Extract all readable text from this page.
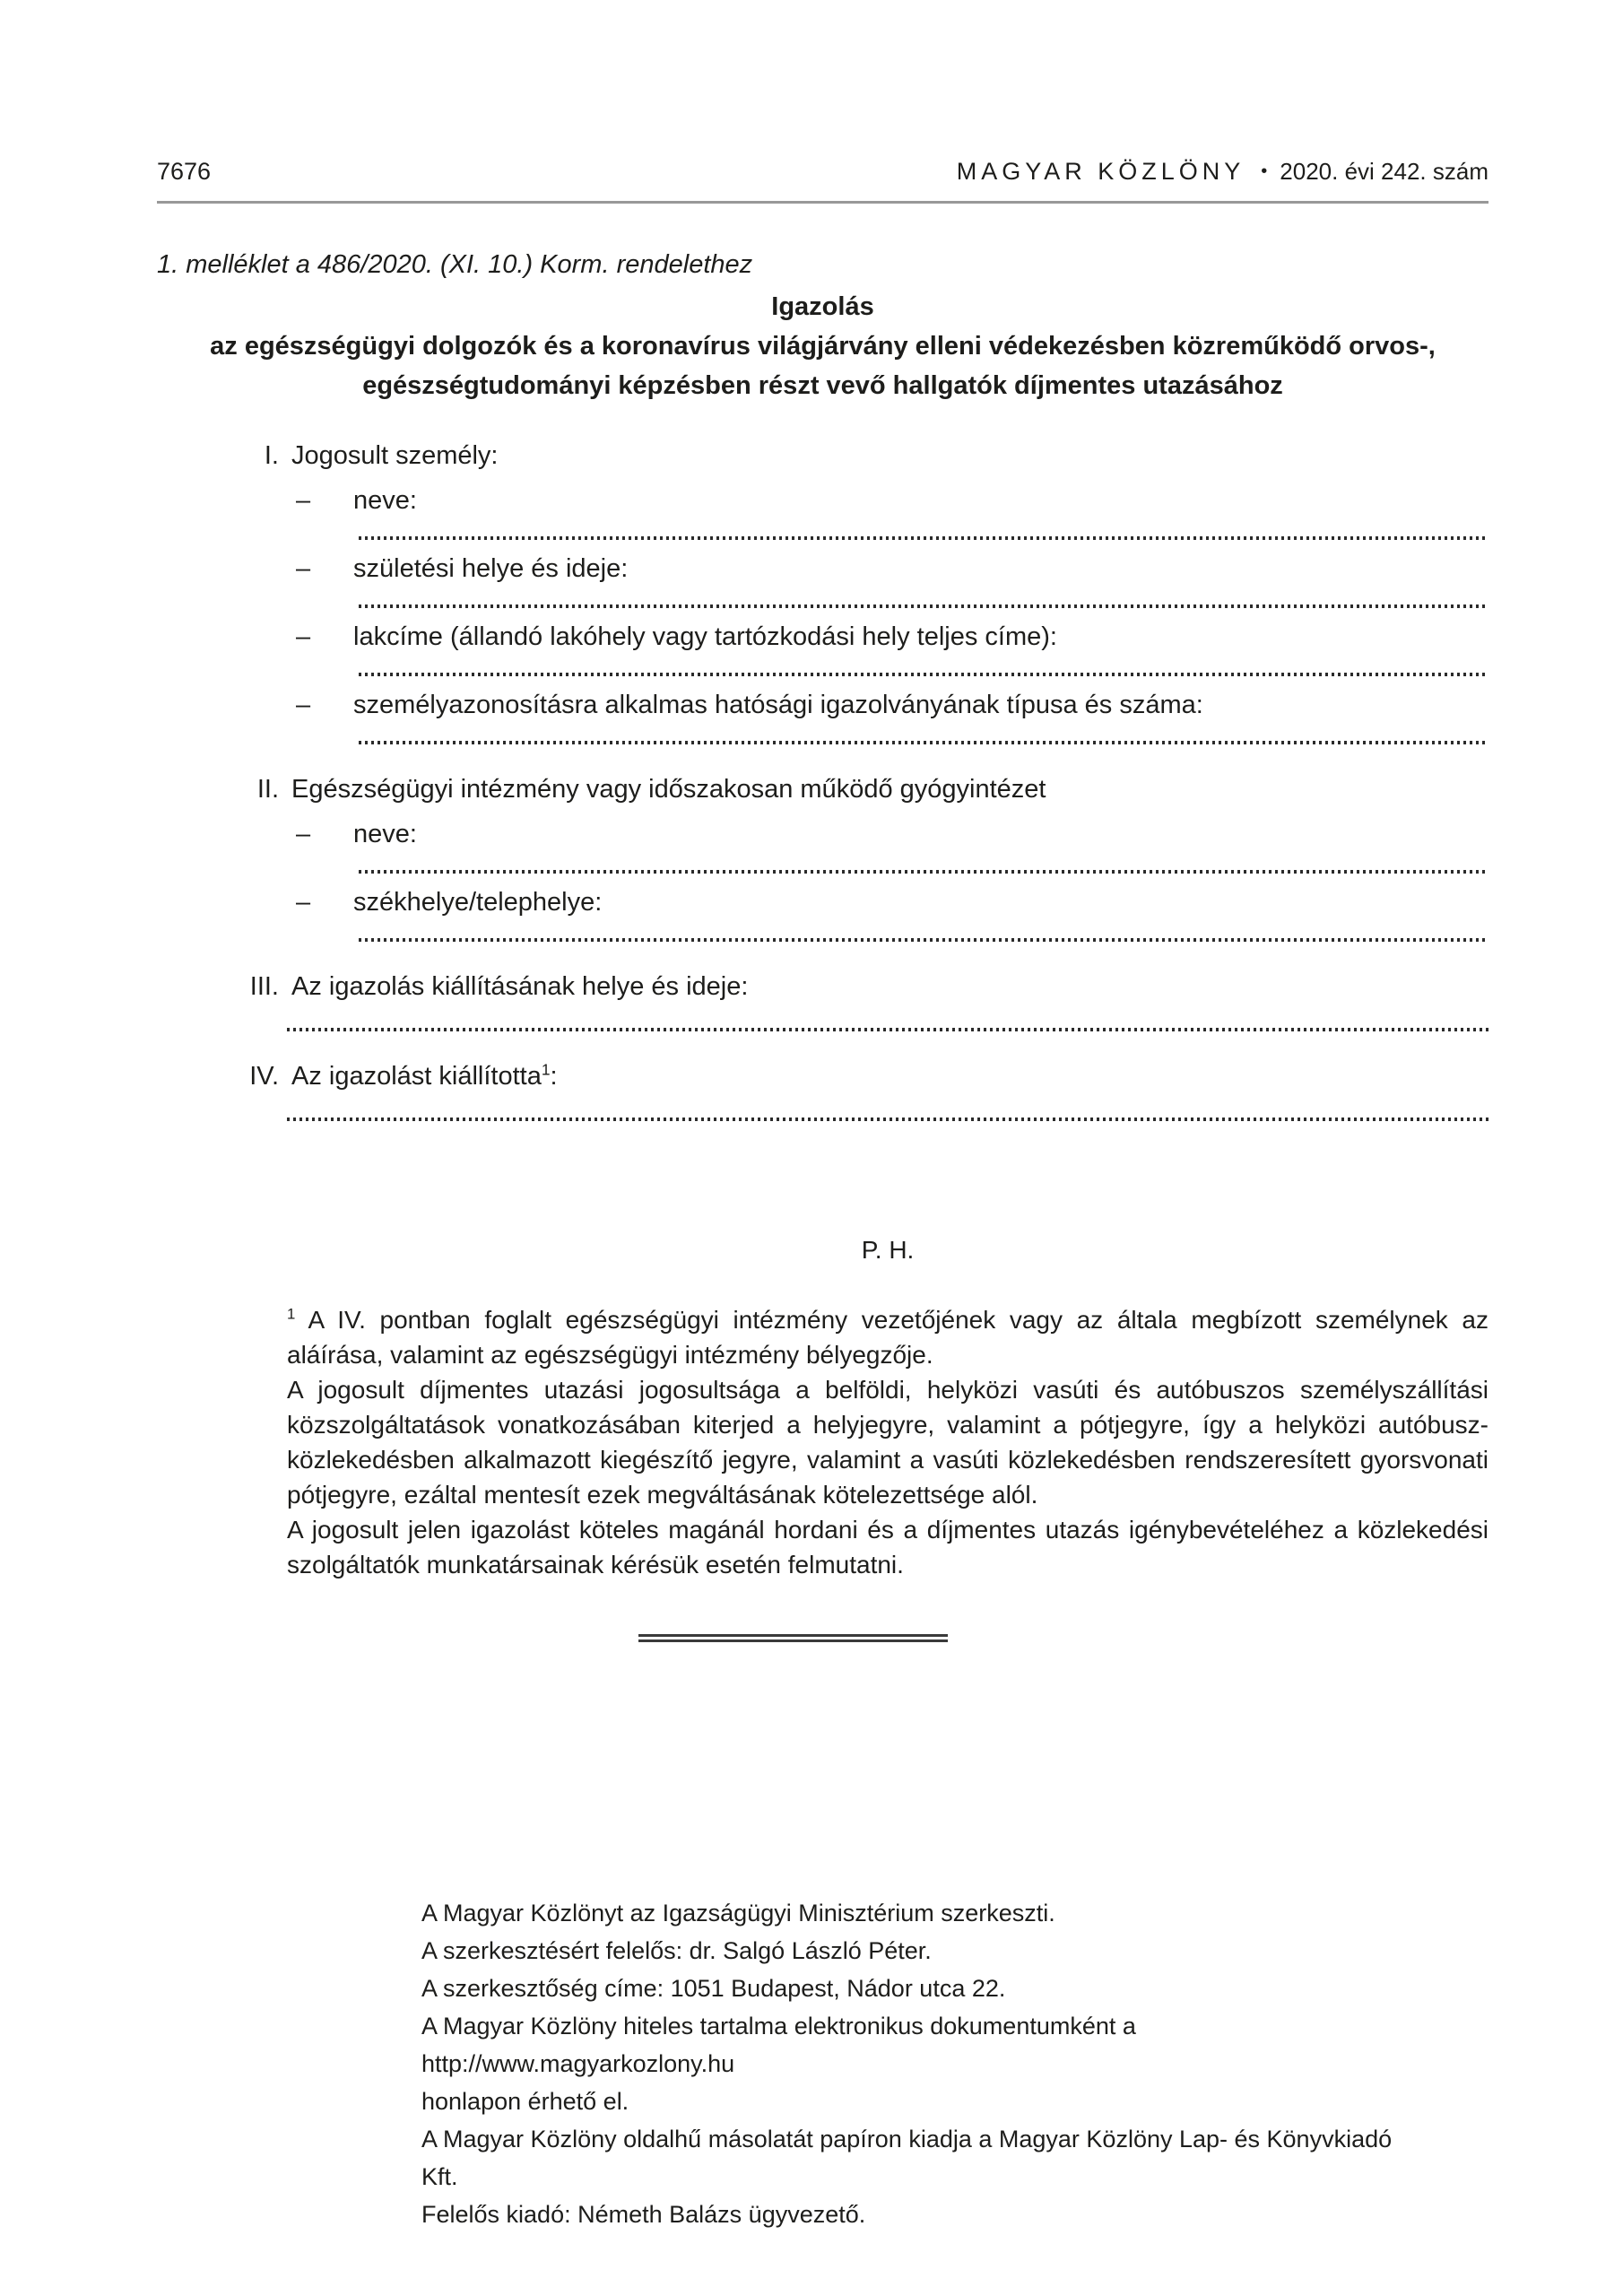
7676	MAGYAR KÖZLÖNY • 2020. évi 242. szám

1. melléklet a 486/2020. (XI. 10.) Korm. rendelethez

Igazolás
az egészségügyi dolgozók és a koronavírus világjárvány elleni védekezésben közreműködő orvos-,
egészségtudományi képzésben részt vevő hallgatók díjmentes utazásához
I. Jogosult személy:
–	neve:
–	születési helye és ideje:
–	lakcíme (állandó lakóhely vagy tartózkodási hely teljes címe):
–	személyazonosításra alkalmas hatósági igazolványának típusa és száma:
II. Egészségügyi intézmény vagy időszakosan működő gyógyintézet
–	neve:
–	székhelye/telephelye:
III. Az igazolás kiállításának helye és ideje:
IV. Az igazolást kiállította$^1$:
P. H.

$^1$ A IV. pontban foglalt egészségügyi intézmény vezetőjének vagy az általa megbízott személynek az aláírása, valamint az egészségügyi intézmény bélyegzője.

A jogosult díjmentes utazási jogosultsága a belföldi, helyközi vasúti és autóbuszos személyszállítási közszolgáltatások vonatkozásában kiterjed a helyjegyre, valamint a pótjegyre, így a helyközi autóbusz-közlekedésben alkalmazott kiegészítő jegyre, valamint a vasúti közlekedésben rendszeresített gyorsvonati pótjegyre, ezáltal mentesít ezek megváltásának kötelezettsége alól.

A jogosult jelen igazolást köteles magánál hordani és a díjmentes utazás igénybevételéhez a közlekedési szolgáltatók munkatársainak kérésük esetén felmutatni.

A Magyar Közlönyt az Igazságügyi Minisztérium szerkeszti.
A szerkesztésért felelős: dr. Salgó László Péter.
A szerkesztőség címe: 1051 Budapest, Nádor utca 22.
A Magyar Közlöny hiteles tartalma elektronikus dokumentumként a http://www.magyarkozlony.hu
honlapon érhető el.
A Magyar Közlöny oldalhű másolatát papíron kiadja a Magyar Közlöny Lap- és Könyvkiadó Kft.
Felelős kiadó: Németh Balázs ügyvezető.
